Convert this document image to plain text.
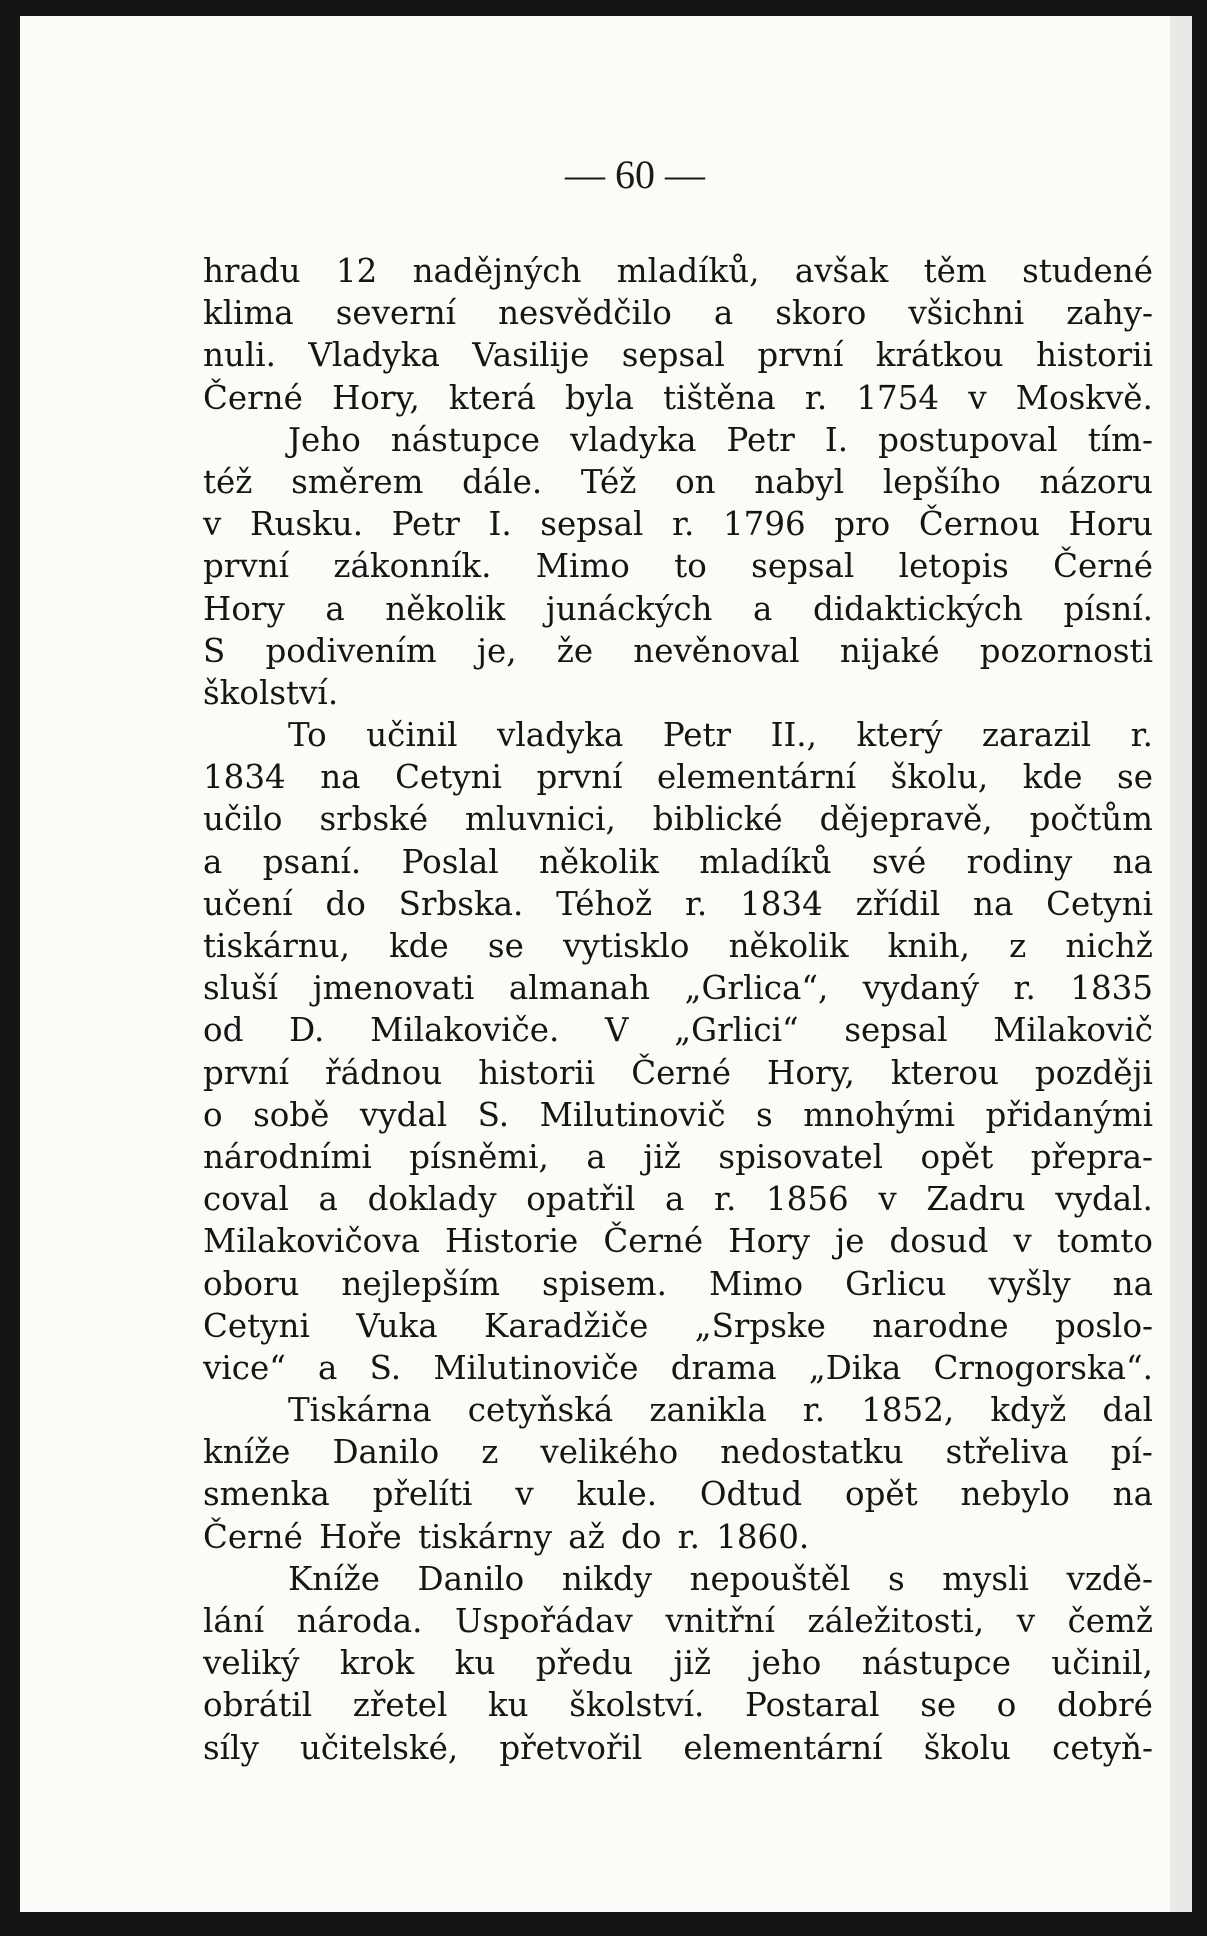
— 60 —
hradu 12 nadějných mladíků, avšak těm studené
klima severní nesvědčilo a skoro všichni zahy-
nuli. Vladyka Vasilije sepsal první krátkou historii
Černé Hory, která byla tištěna r. 1754 v Moskvě.
Jeho nástupce vladyka Petr I. postupoval tím-
též směrem dále. Též on nabyl lepšího názoru
v Rusku. Petr I. sepsal r. 1796 pro Černou Horu
první zákonník. Mimo to sepsal letopis Černé
Hory a několik junáckých a didaktických písní.
S podivením je, že nevěnoval nijaké pozornosti
školství.
To učinil vladyka Petr II., který zarazil r.
1834 na Cetyni první elementární školu, kde se
učilo srbské mluvnici, biblické dějepravě, počtům
a psaní. Poslal několik mladíků své rodiny na
učení do Srbska. Téhož r. 1834 zřídil na Cetyni
tiskárnu, kde se vytisklo několik knih, z nichž
sluší jmenovati almanah „Grlica“, vydaný r. 1835
od D. Milakoviče. V „Grlici“ sepsal Milakovič
první řádnou historii Černé Hory, kterou později
o sobě vydal S. Milutinovič s mnohými přidanými
národními písněmi, a již spisovatel opět přepra-
coval a doklady opatřil a r. 1856 v Zadru vydal.
Milakovičova Historie Černé Hory je dosud v tomto
oboru nejlepším spisem. Mimo Grlicu vyšly na
Cetyni Vuka Karadžiče „Srpske narodne poslo-
vice“ a S. Milutinoviče drama „Dika Crnogorska“.
Tiskárna cetyňská zanikla r. 1852, když dal
kníže Danilo z velikého nedostatku střeliva pí-
smenka přelíti v kule. Odtud opět nebylo na
Černé Hoře tiskárny až do r. 1860.
Kníže Danilo nikdy nepouštěl s mysli vzdě-
lání národa. Uspořádav vnitřní záležitosti, v čemž
veliký krok ku předu již jeho nástupce učinil,
obrátil zřetel ku školství. Postaral se o dobré
síly učitelské, přetvořil elementární školu cetyň-
